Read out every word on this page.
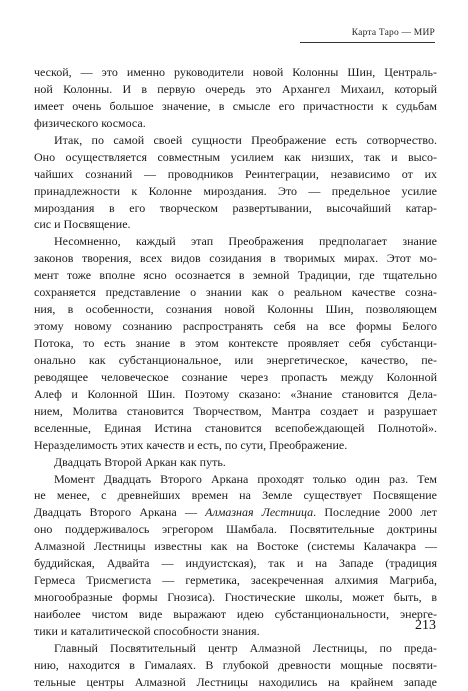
Карта Таро — МИР
ческой, — это именно руководители новой Колонны Шин, Централь-
ной Колонны. И в первую очередь это Архангел Михаил, который
имеет очень большое значение, в смысле его причастности к судьбам
физического космоса.
Итак, по самой своей сущности Преображение есть сотворчество.
Оно осуществляется совместным усилием как низших, так и высо-
чайших сознаний — проводников Реинтеграции, независимо от их
принадлежности к Колонне мироздания. Это — предельное усилие
мироздания в его творческом развертывании, высочайший катар-
сис и Посвящение.
Несомненно, каждый этап Преображения предполагает знание
законов творения, всех видов созидания в творимых мирах. Этот мо-
мент тоже вполне ясно осознается в земной Традиции, где тщательно
сохраняется представление о знании как о реальном качестве созна-
ния, в особенности, сознания новой Колонны Шин, позволяющем
этому новому сознанию распространять себя на все формы Белого
Потока, то есть знание в этом контексте проявляет себя субстанци-
онально как субстанциональное, или энергетическое, качество, пе-
реводящее человеческое сознание через пропасть между Колонной
Алеф и Колонной Шин. Поэтому сказано: «Знание становится Дела-
нием, Молитва становится Творчеством, Мантра создает и разрушает
вселенные, Единая Истина становится всепобеждающей Полнотой».
Неразделимость этих качеств и есть, по сути, Преображение.
Двадцать Второй Аркан как путь.
Момент Двадцать Второго Аркана проходят только один раз. Тем
не менее, с древнейших времен на Земле существует Посвящение
Двадцать Второго Аркана — Алмазная Лестница. Последние 2000 лет
оно поддерживалось эгрегором Шамбала. Посвятительные доктрины
Алмазной Лестницы известны как на Востоке (системы Калачакра —
буддийская, Адвайта — индуистская), так и на Западе (традиция
Гермеса Трисмегиста — герметика, засекреченная алхимия Магриба,
многообразные формы Гнозиса). Гностические школы, может быть, в
наиболее чистом виде выражают идею субстанциональности, энерге-
тики и каталитической способности знания.
Главный Посвятительный центр Алмазной Лестницы, по преда-
нию, находится в Гималаях. В глубокой древности мощные посвяти-
тельные центры Алмазной Лестницы находились на крайнем западе
213
